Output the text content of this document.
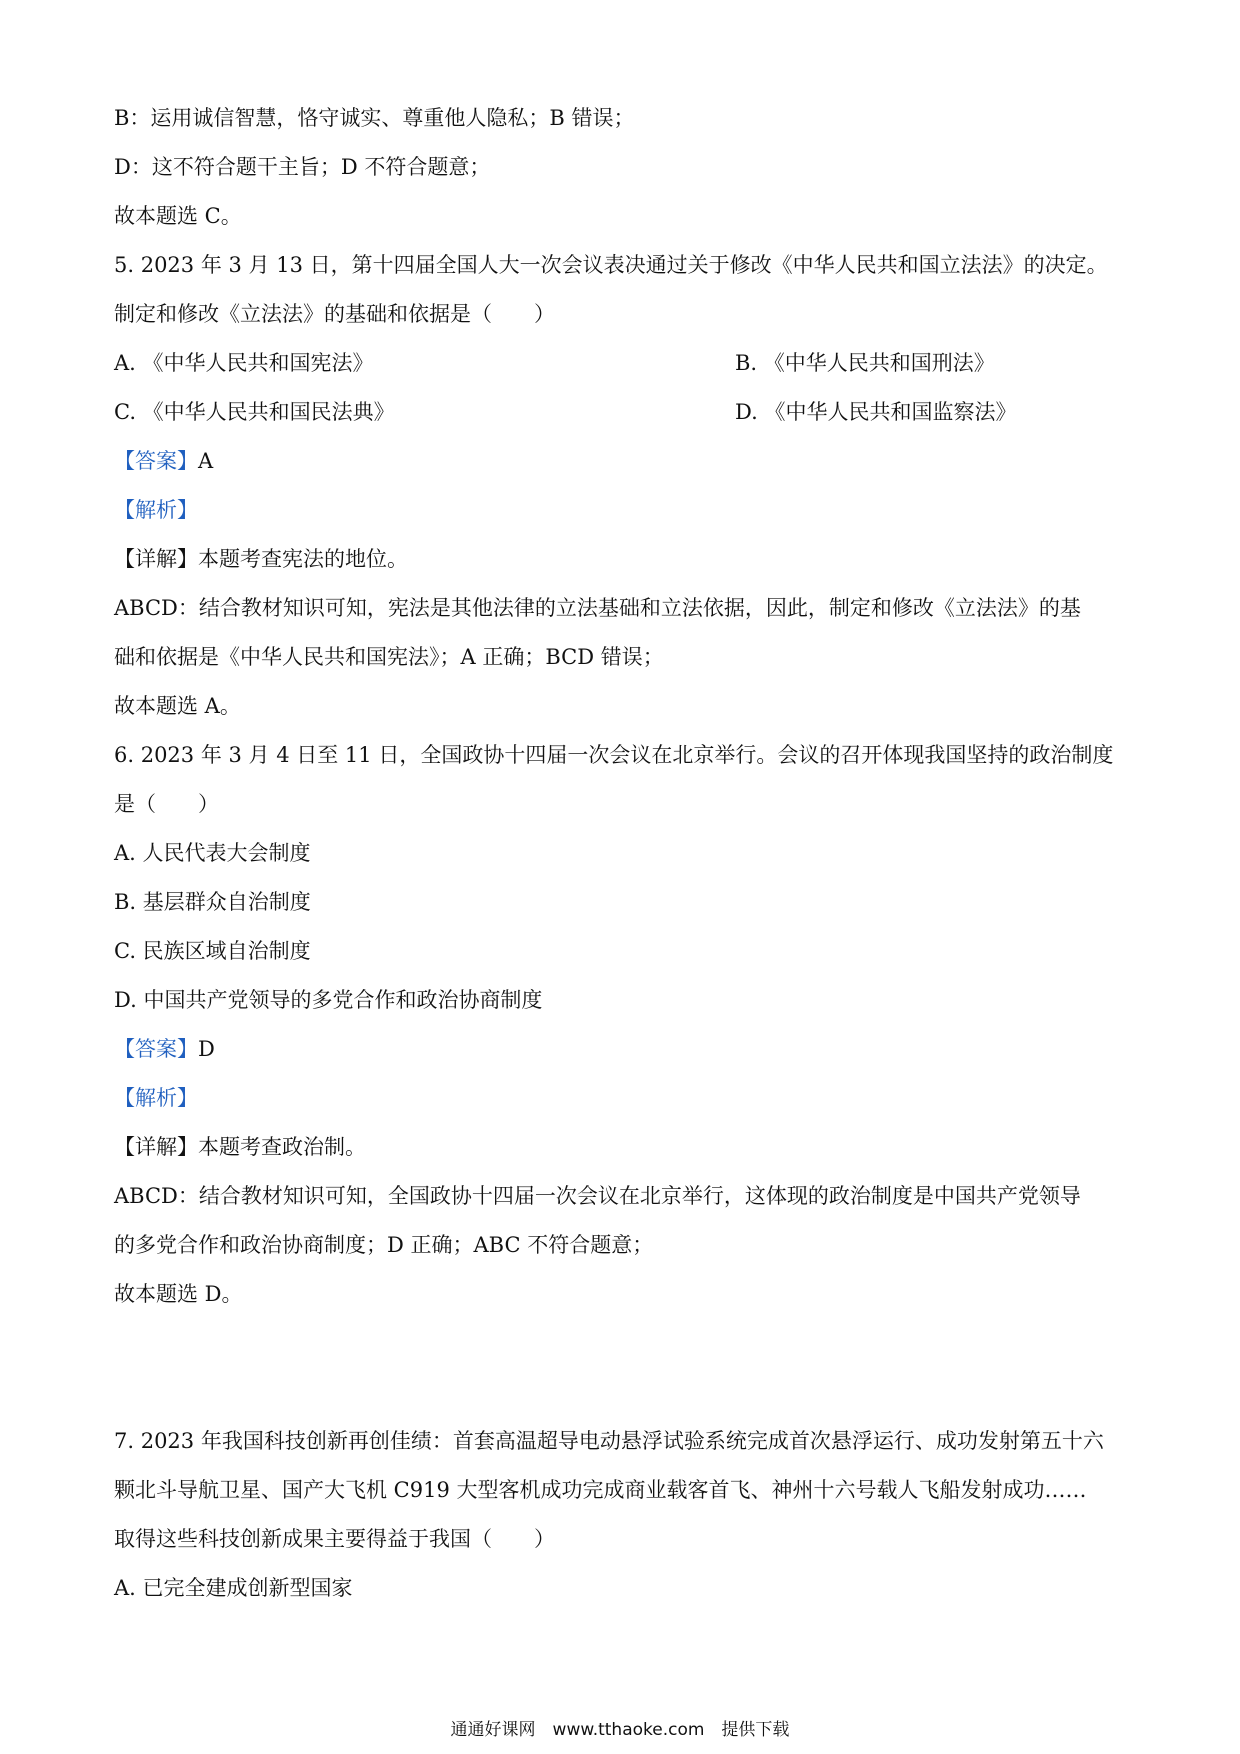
B：运用诚信智慧，恪守诚实、尊重他人隐私；B 错误；
D：这不符合题干主旨；D 不符合题意；
故本题选 C。
5. 2023 年 3 月 13 日，第十四届全国人大一次会议表决通过关于修改《中华人民共和国立法法》的决定。
制定和修改《立法法》的基础和依据是（　　）
A. 《中华人民共和国宪法》	B. 《中华人民共和国刑法》
C. 《中华人民共和国民法典》	D. 《中华人民共和国监察法》
【答案】A
【解析】
【详解】本题考查宪法的地位。
ABCD：结合教材知识可知，宪法是其他法律的立法基础和立法依据，因此，制定和修改《立法法》的基
础和依据是《中华人民共和国宪法》；A 正确；BCD 错误；
故本题选 A。
6. 2023 年 3 月 4 日至 11 日，全国政协十四届一次会议在北京举行。会议的召开体现我国坚持的政治制度
是（　　）
A. 人民代表大会制度
B. 基层群众自治制度
C. 民族区域自治制度
D. 中国共产党领导的多党合作和政治协商制度
【答案】D
【解析】
【详解】本题考查政治制。
ABCD：结合教材知识可知，全国政协十四届一次会议在北京举行，这体现的政治制度是中国共产党领导
的多党合作和政治协商制度；D 正确；ABC 不符合题意；
故本题选 D。
7. 2023 年我国科技创新再创佳绩：首套高温超导电动悬浮试验系统完成首次悬浮运行、成功发射第五十六
颗北斗导航卫星、国产大飞机 C919 大型客机成功完成商业载客首飞、神州十六号载人飞船发射成功……
取得这些科技创新成果主要得益于我国（　　）
A. 已完全建成创新型国家
通通好课网　www.tthaoke.com　提供下载
